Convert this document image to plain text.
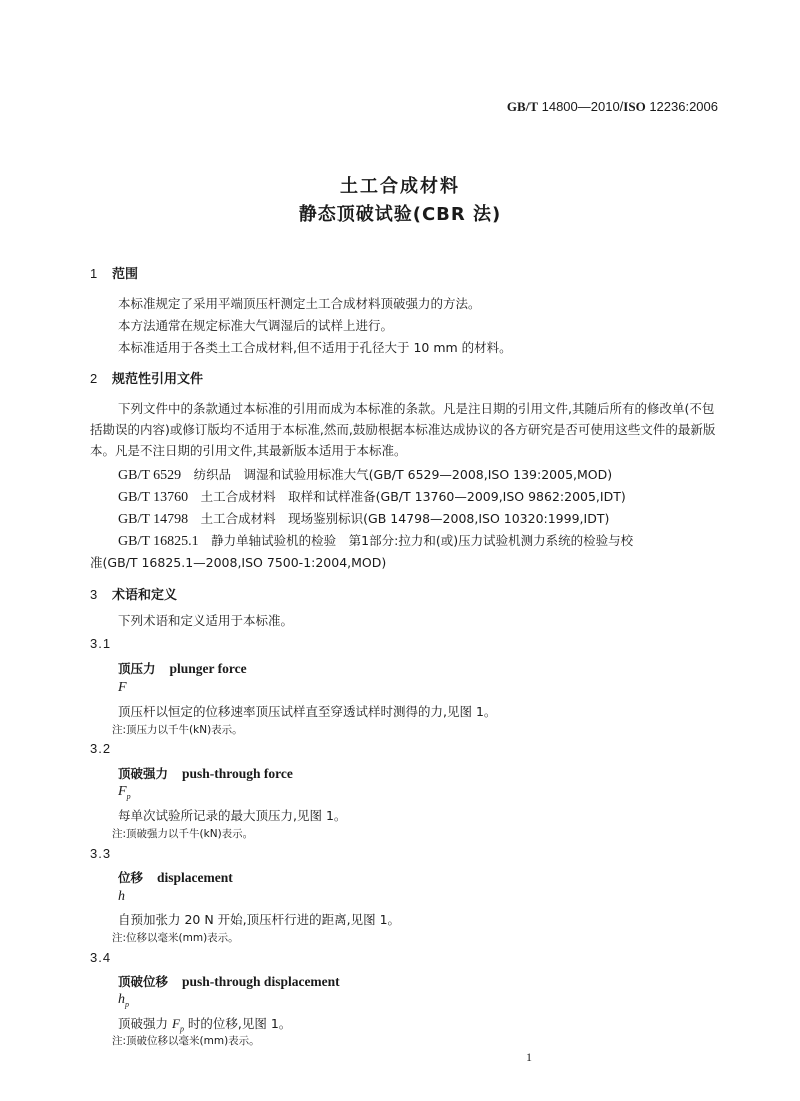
GB/T 14800—2010/ISO 12236:2006
土工合成材料
静态顶破试验(CBR 法)
1 范围
本标准规定了采用平端顶压杆测定土工合成材料顶破强力的方法。
本方法通常在规定标准大气调湿后的试样上进行。
本标准适用于各类土工合成材料,但不适用于孔径大于 10 mm 的材料。
2 规范性引用文件
下列文件中的条款通过本标准的引用而成为本标准的条款。凡是注日期的引用文件,其随后所有的修改单(不包括勘误的内容)或修订版均不适用于本标准,然而,鼓励根据本标准达成协议的各方研究是否可使用这些文件的最新版本。凡是不注日期的引用文件,其最新版本适用于本标准。
GB/T 6529　 纺织品　调湿和试验用标准大气(GB/T 6529—2008,ISO 139:2005,MOD)
GB/T 13760　 土工合成材料　取样和试样准备(GB/T 13760—2009,ISO 9862:2005,IDT)
GB/T 14798　 土工合成材料　现场鉴别标识(GB 14798—2008,ISO 10320:1999,IDT)
GB/T 16825.1　 静力单轴试验机的检验　第1部分:拉力和(或)压力试验机测力系统的检验与校
准(GB/T 16825.1—2008,ISO 7500-1:2004,MOD)
3 术语和定义
下列术语和定义适用于本标准。
3.1
顶压力 plunger force
F
顶压杆以恒定的位移速率顶压试样直至穿透试样时测得的力,见图 1。
注:顶压力以千牛(kN)表示。
3.2
顶破强力 push-through force
$F_p$
每单次试验所记录的最大顶压力,见图 1。
注:顶破强力以千牛(kN)表示。
3.3
位移 displacement
h
自预加张力 20 N 开始,顶压杆行进的距离,见图 1。
注:位移以毫米(mm)表示。
3.4
顶破位移 push-through displacement
$h_p$
顶破强力 $F_p$ 时的位移,见图 1。
注:顶破位移以毫米(mm)表示。
1
